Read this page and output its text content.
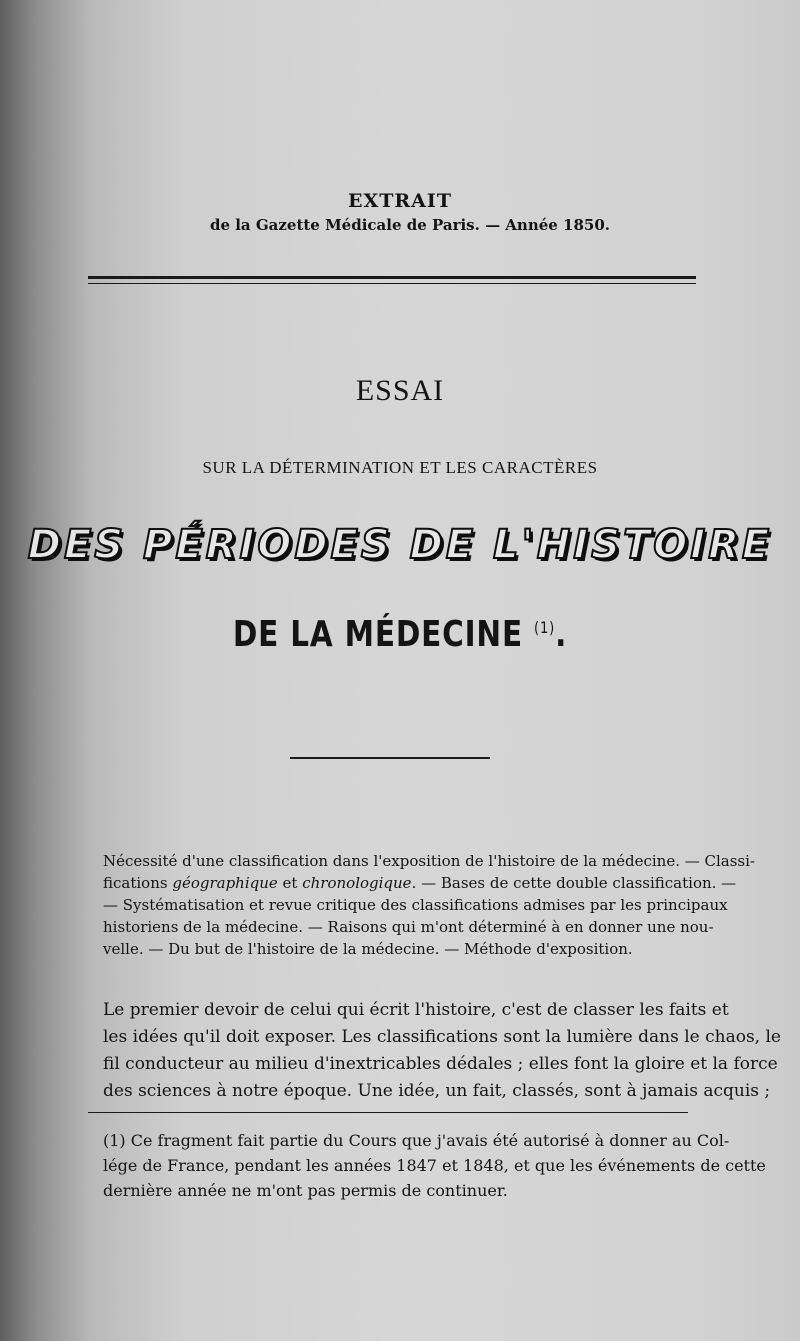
EXTRAIT
de la Gazette Médicale de Paris. — Année 1850.
ESSAI
SUR LA DÉTERMINATION ET LES CARACTÈRES
DES PÉRIODES DE L'HISTOIRE
DE LA MÉDECINE $^{(1)}$.
Nécessité d'une classification dans l'exposition de l'histoire de la médecine. — Classi-
fications géographique et chronologique. — Bases de cette double classification. —
— Systématisation et revue critique des classifications admises par les principaux
historiens de la médecine. — Raisons qui m'ont déterminé à en donner une nou-
velle. — Du but de l'histoire de la médecine. — Méthode d'exposition.
Le premier devoir de celui qui écrit l'histoire, c'est de classer les faits et
les idées qu'il doit exposer. Les classifications sont la lumière dans le chaos, le
fil conducteur au milieu d'inextricables dédales ; elles font la gloire et la force
des sciences à notre époque. Une idée, un fait, classés, sont à jamais acquis ;
(1) Ce fragment fait partie du Cours que j'avais été autorisé à donner au Col-
lége de France, pendant les années 1847 et 1848, et que les événements de cette
dernière année ne m'ont pas permis de continuer.
